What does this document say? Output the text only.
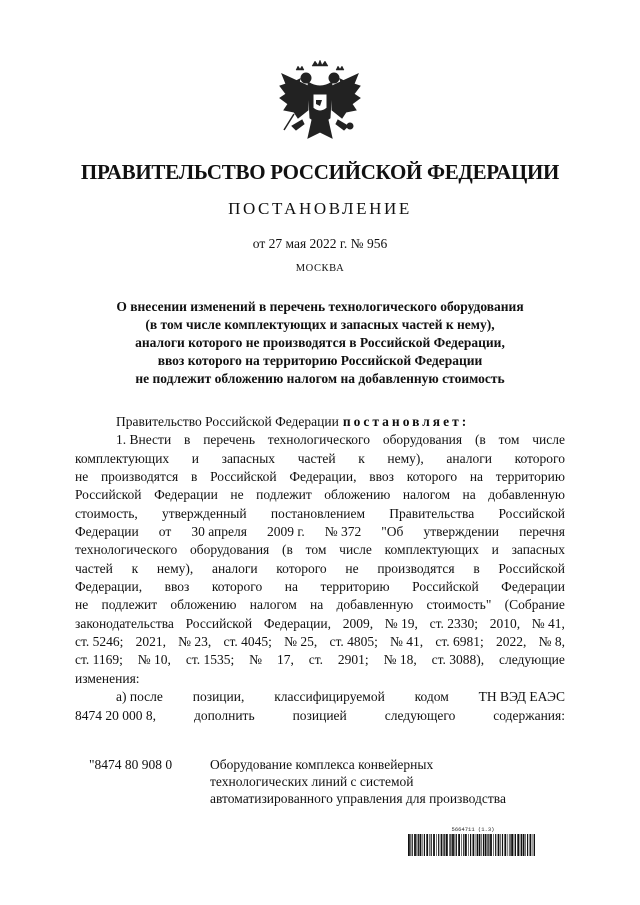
ПРАВИТЕЛЬСТВО РОССИЙСКОЙ ФЕДЕРАЦИИ
ПОСТАНОВЛЕНИЕ
от 27 мая 2022 г. № 956
МОСКВА
О внесении изменений в перечень технологического оборудования
(в том числе комплектующих и запасных частей к нему),
аналоги которого не производятся в Российской Федерации,
ввоз которого на территорию Российской Федерации
не подлежит обложению налогом на добавленную стоимость
Правительство Российской Федерации постановляет:
1. Внести в перечень технологического оборудования (в том числе
комплектующих и запасных частей к нему), аналоги которого
не производятся в Российской Федерации, ввоз которого на территорию
Российской Федерации не подлежит обложению налогом на добавленную
стоимость, утвержденный постановлением Правительства Российской
Федерации от 30 апреля 2009 г. № 372 "Об утверждении перечня
технологического оборудования (в том числе комплектующих и запасных
частей к нему), аналоги которого не производятся в Российской
Федерации, ввоз которого на территорию Российской Федерации
не подлежит обложению налогом на добавленную стоимость" (Собрание
законодательства Российской Федерации, 2009, № 19, ст. 2330; 2010, № 41,
ст. 5246; 2021, № 23, ст. 4045; № 25, ст. 4805; № 41, ст. 6981; 2022, № 8,
ст. 1169; № 10, ст. 1535; № 17, ст. 2901; № 18, ст. 3088), следующие
изменения:
а) после позиции, классифицируемой кодом ТН ВЭД ЕАЭС
8474 20 000 8,	дополнить	позицией	следующего	содержания:
"8474 80 908 0	Оборудование комплекса конвейерных
технологических линий с системой
автоматизированного управления для производства
5664711 (1.3)
